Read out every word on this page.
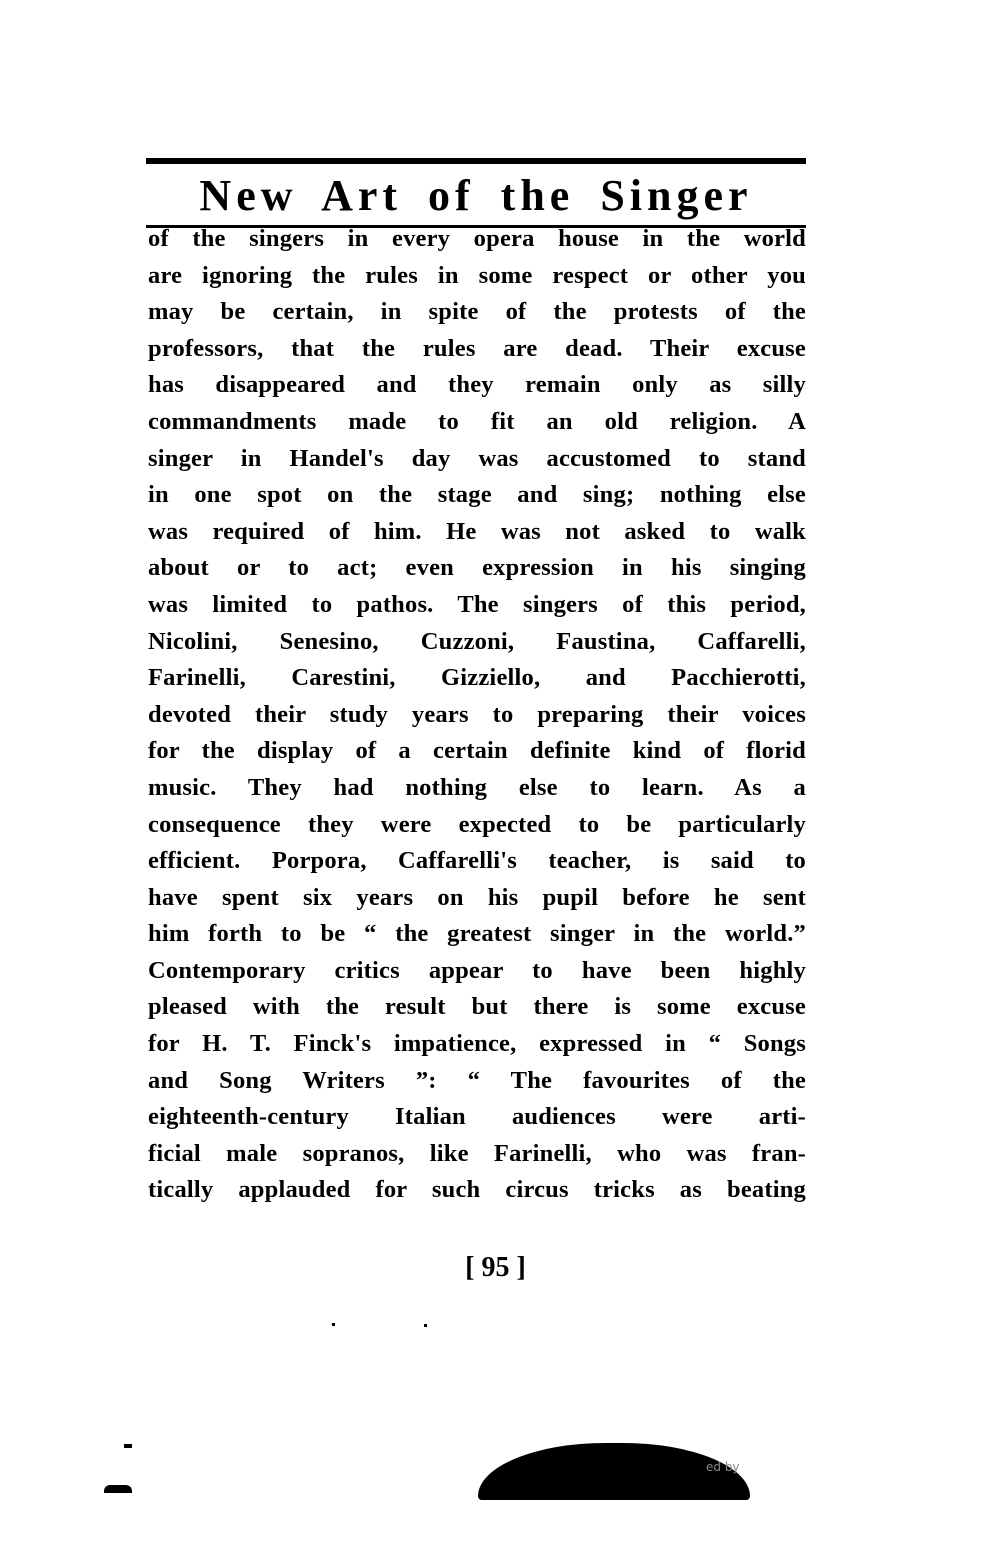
New Art of the Singer
of the singers in every opera house in the world
are ignoring the rules in some respect or other you
may be certain, in spite of the protests of the
professors, that the rules are dead. Their excuse
has disappeared and they remain only as silly
commandments made to fit an old religion. A
singer in Handel's day was accustomed to stand
in one spot on the stage and sing; nothing else
was required of him. He was not asked to walk
about or to act; even expression in his singing
was limited to pathos. The singers of this period,
Nicolini, Senesino, Cuzzoni, Faustina, Caffarelli,
Farinelli, Carestini, Gizziello, and Pacchierotti,
devoted their study years to preparing their voices
for the display of a certain definite kind of florid
music. They had nothing else to learn. As a
consequence they were expected to be particularly
efficient. Porpora, Caffarelli's teacher, is said to
have spent six years on his pupil before he sent
him forth to be “ the greatest singer in the world.”
Contemporary critics appear to have been highly
pleased with the result but there is some excuse
for H. T. Finck's impatience, expressed in “ Songs
and Song Writers ”: “ The favourites of the
eighteenth-century Italian audiences were arti-
ficial male sopranos, like Farinelli, who was fran-
tically applauded for such circus tricks as beating
[ 95 ]
ed by
